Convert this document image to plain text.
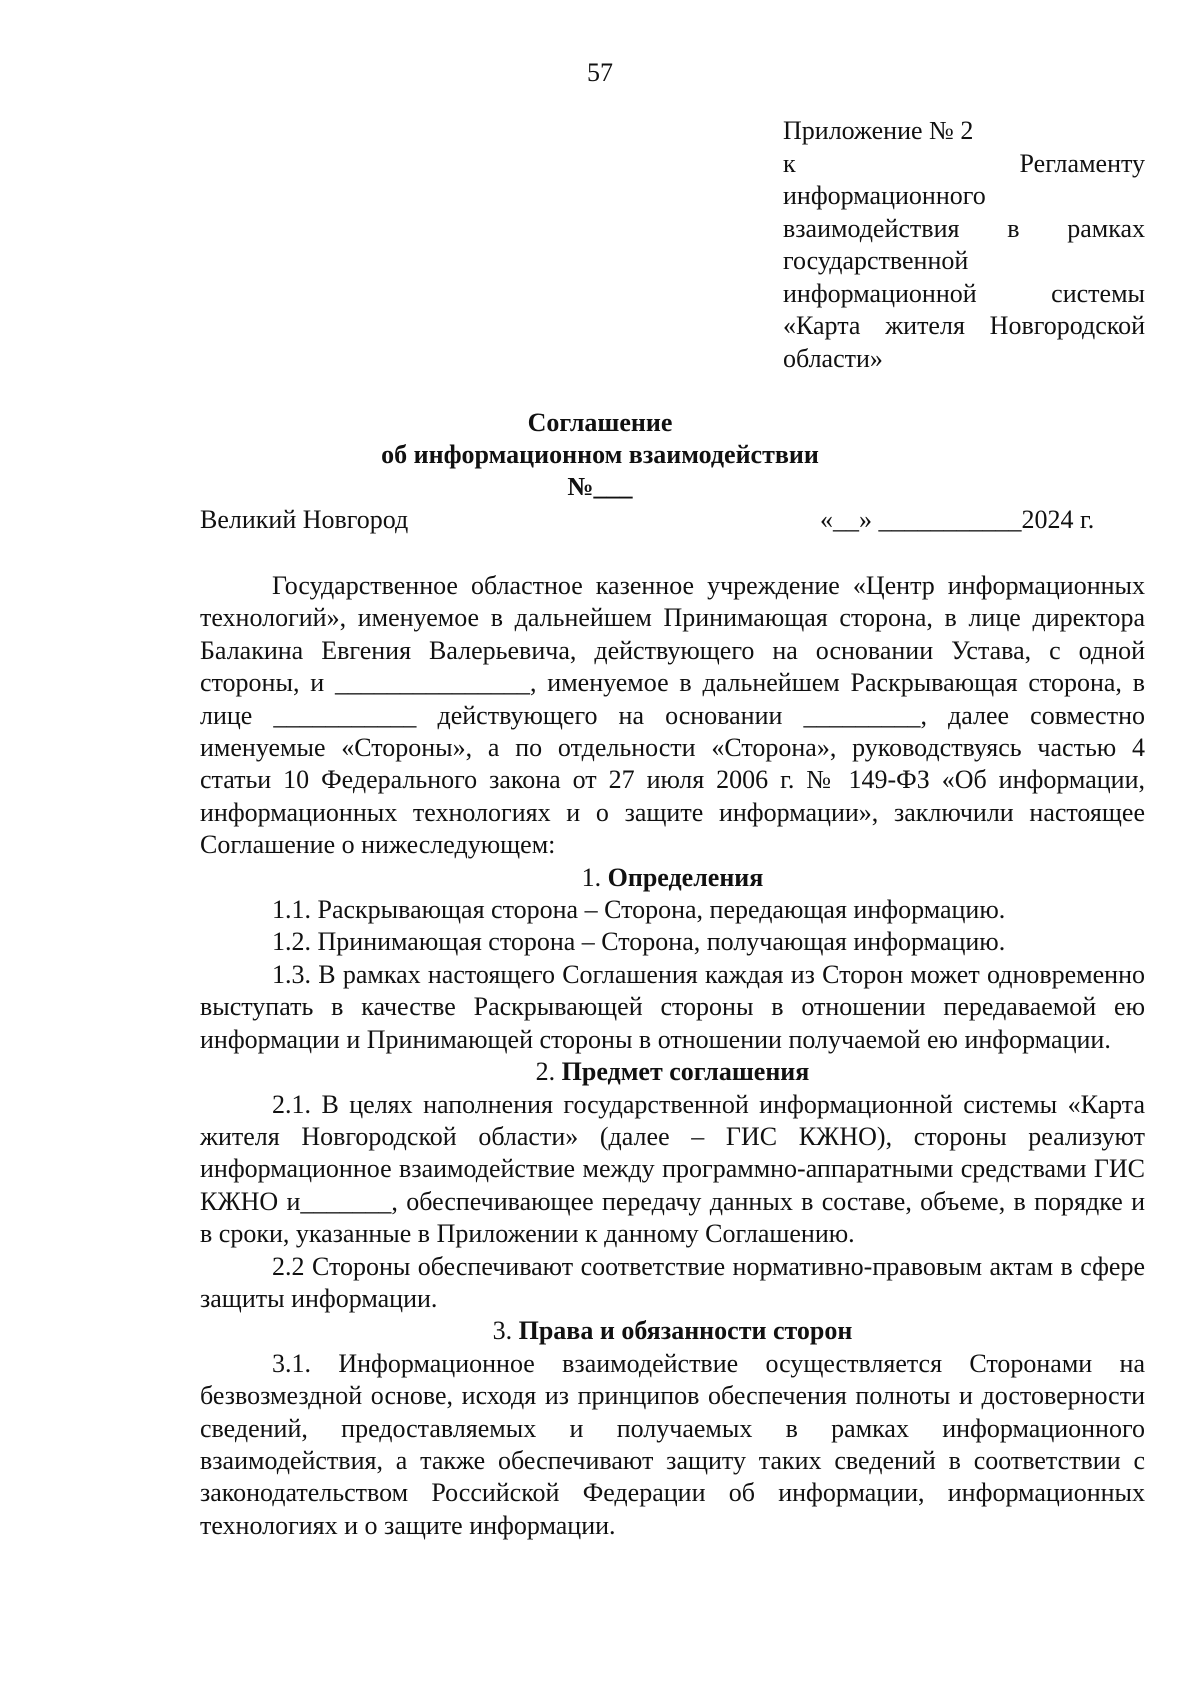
57
Приложение № 2
к Регламенту
информационного
взаимодействия в рамках
государственной
информационной системы
«Карта жителя Новгородской
области»
Соглашение
об информационном взаимодействии
№___
Великий Новгород	«__» ___________2024 г.

Государственное областное казенное учреждение «Центр информационных технологий», именуемое в дальнейшем Принимающая сторона, в лице директора Балакина Евгения Валерьевича, действующего на основании Устава, с одной стороны, и _______________, именуемое в дальнейшем Раскрывающая сторона, в лице ___________ действующего на основании _________, далее совместно именуемые «Стороны», а по отдельности «Сторона», руководствуясь частью 4 статьи 10 Федерального закона от 27 июля 2006 г. № 149-ФЗ «Об информации, информационных технологиях и о защите информации», заключили настоящее Соглашение о нижеследующем:

1. Определения

1.1. Раскрывающая сторона – Сторона, передающая информацию.

1.2. Принимающая сторона – Сторона, получающая информацию.

1.3. В рамках настоящего Соглашения каждая из Сторон может одновременно выступать в качестве Раскрывающей стороны в отношении передаваемой ею информации и Принимающей стороны в отношении получаемой ею информации.

2. Предмет соглашения

2.1. В целях наполнения государственной информационной системы «Карта жителя Новгородской области» (далее – ГИС КЖНО), стороны реализуют информационное взаимодействие между программно-аппаратными средствами ГИС КЖНО и_______, обеспечивающее передачу данных в составе, объеме, в порядке и в сроки, указанные в Приложении к данному Соглашению.

2.2 Стороны обеспечивают соответствие нормативно-правовым актам в сфере защиты информации.

3. Права и обязанности сторон

3.1. Информационное взаимодействие осуществляется Сторонами на безвозмездной основе, исходя из принципов обеспечения полноты и достоверности сведений, предоставляемых и получаемых в рамках информационного взаимодействия, а также обеспечивают защиту таких сведений в соответствии с законодательством Российской Федерации об информации, информационных технологиях и о защите информации.
